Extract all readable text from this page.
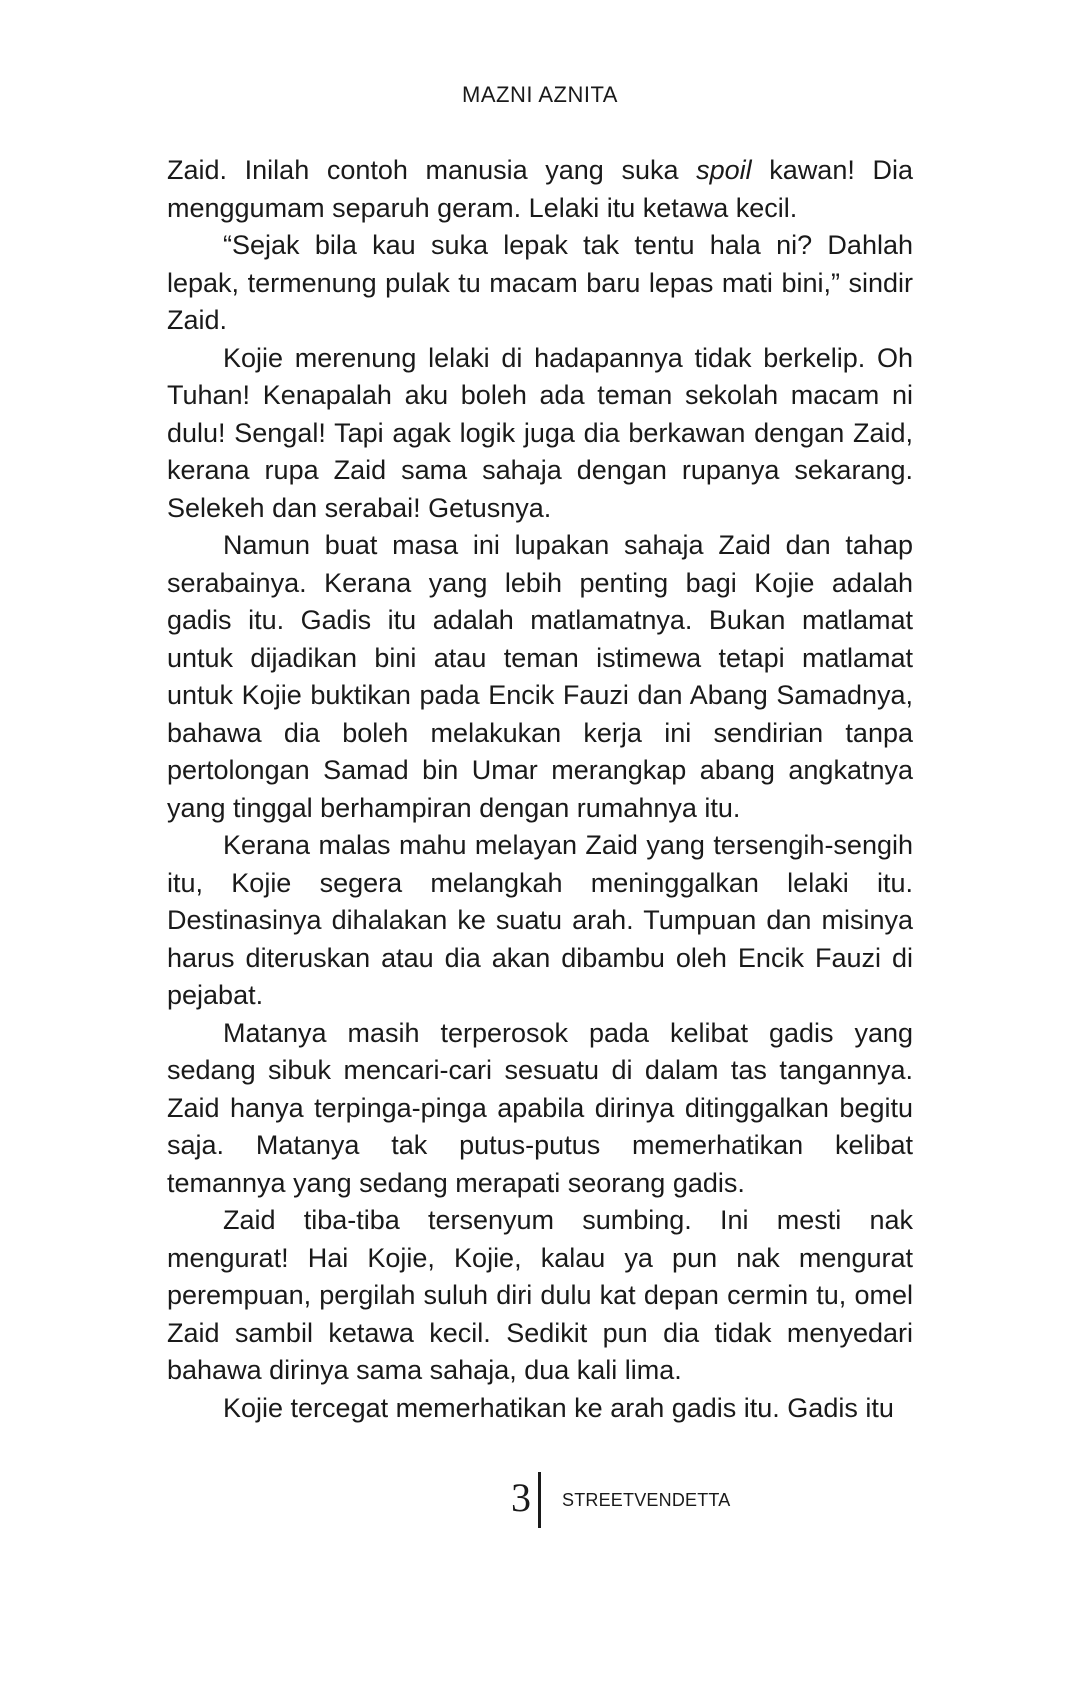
MAZNI AZNITA

Zaid. Inilah contoh manusia yang suka spoil kawan! Dia menggumam separuh geram. Lelaki itu ketawa kecil.

“Sejak bila kau suka lepak tak tentu hala ni? Dahlah lepak, termenung pulak tu macam baru lepas mati bini,” sindir Zaid.

Kojie merenung lelaki di hadapannya tidak berkelip. Oh Tuhan! Kenapalah aku boleh ada teman sekolah macam ni dulu! Sengal! Tapi agak logik juga dia berkawan dengan Zaid, kerana rupa Zaid sama sahaja dengan rupanya sekarang. Selekeh dan serabai! Getusnya.

Namun buat masa ini lupakan sahaja Zaid dan tahap serabainya. Kerana yang lebih penting bagi Kojie adalah gadis itu. Gadis itu adalah matlamatnya. Bukan matlamat untuk dijadikan bini atau teman istimewa tetapi matlamat untuk Kojie buktikan pada Encik Fauzi dan Abang Samadnya, bahawa dia boleh melakukan kerja ini sendirian tanpa pertolongan Samad bin Umar merangkap abang angkatnya yang tinggal berhampiran dengan rumahnya itu.

Kerana malas mahu melayan Zaid yang tersengih-sengih itu, Kojie segera melangkah meninggalkan lelaki itu. Destinasinya dihalakan ke suatu arah. Tumpuan dan misinya harus diteruskan atau dia akan dibambu oleh Encik Fauzi di pejabat.

Matanya masih terperosok pada kelibat gadis yang sedang sibuk mencari-cari sesuatu di dalam tas tangannya. Zaid hanya terpinga-pinga apabila dirinya ditinggalkan begitu saja. Matanya tak putus-putus memerhatikan kelibat temannya yang sedang merapati seorang gadis.

Zaid tiba-tiba tersenyum sumbing. Ini mesti nak mengurat! Hai Kojie, Kojie, kalau ya pun nak mengurat perempuan, pergilah suluh diri dulu kat depan cermin tu, omel Zaid sambil ketawa kecil. Sedikit pun dia tidak menyedari bahawa dirinya sama sahaja, dua kali lima.

Kojie tercegat memerhatikan ke arah gadis itu. Gadis itu

3 STREETVENDETTA
